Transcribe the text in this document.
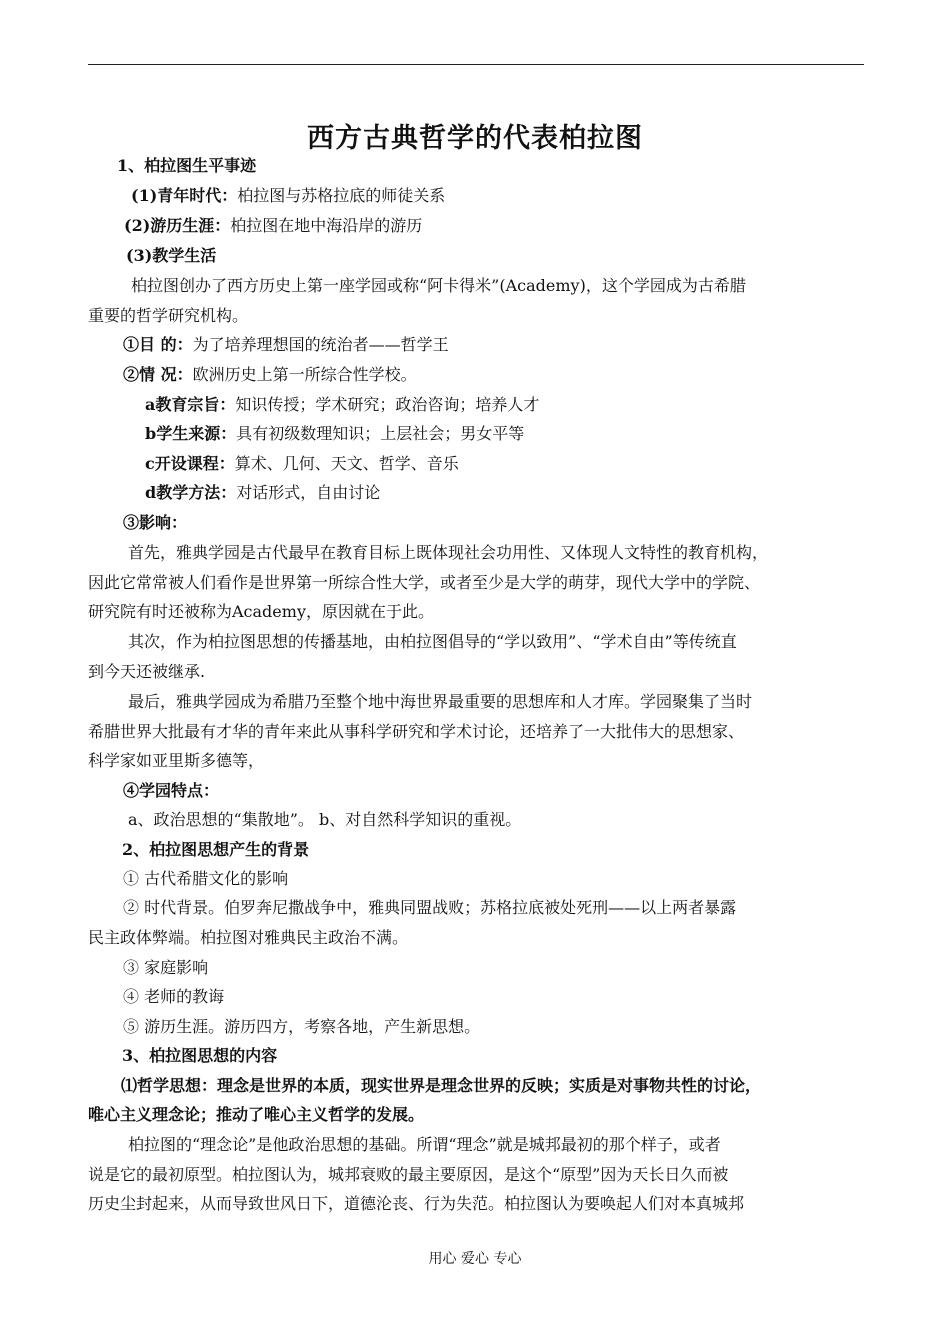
西方古典哲学的代表柏拉图
1、柏拉图生平事迹
(1)青年时代：柏拉图与苏格拉底的师徒关系
(2)游历生涯：柏拉图在地中海沿岸的游历
(3)教学生活
柏拉图创办了西方历史上第一座学园或称“阿卡得米”(Academy)，这个学园成为古希腊
重要的哲学研究机构。
①目 的：为了培养理想国的统治者——哲学王
②情 况：欧洲历史上第一所综合性学校。
a教育宗旨：知识传授；学术研究；政治咨询；培养人才
b学生来源：具有初级数理知识；上层社会；男女平等
c开设课程：算术、几何、天文、哲学、音乐
d教学方法：对话形式，自由讨论
③影响：
首先，雅典学园是古代最早在教育目标上既体现社会功用性、又体现人文特性的教育机构，
因此它常常被人们看作是世界第一所综合性大学，或者至少是大学的萌芽，现代大学中的学院、
研究院有时还被称为Academy，原因就在于此。
其次，作为柏拉图思想的传播基地，由柏拉图倡导的“学以致用”、“学术自由”等传统直
到今天还被继承.
最后，雅典学园成为希腊乃至整个地中海世界最重要的思想库和人才库。学园聚集了当时
希腊世界大批最有才华的青年来此从事科学研究和学术讨论，还培养了一大批伟大的思想家、
科学家如亚里斯多德等，
④学园特点：
a、政治思想的“集散地”。 b、对自然科学知识的重视。
2、柏拉图思想产生的背景
① 古代希腊文化的影响
② 时代背景。伯罗奔尼撒战争中，雅典同盟战败；苏格拉底被处死刑——以上两者暴露
民主政体弊端。柏拉图对雅典民主政治不满。
③ 家庭影响
④ 老师的教诲
⑤ 游历生涯。游历四方，考察各地，产生新思想。
3、柏拉图思想的内容
⑴哲学思想：理念是世界的本质，现实世界是理念世界的反映；实质是对事物共性的讨论，
唯心主义理念论；推动了唯心主义哲学的发展。
柏拉图的“理念论”是他政治思想的基础。所谓“理念”就是城邦最初的那个样子，或者
说是它的最初原型。柏拉图认为，城邦衰败的最主要原因，是这个“原型”因为天长日久而被
历史尘封起来，从而导致世风日下，道德沦丧、行为失范。柏拉图认为要唤起人们对本真城邦
用心 爱心 专心
